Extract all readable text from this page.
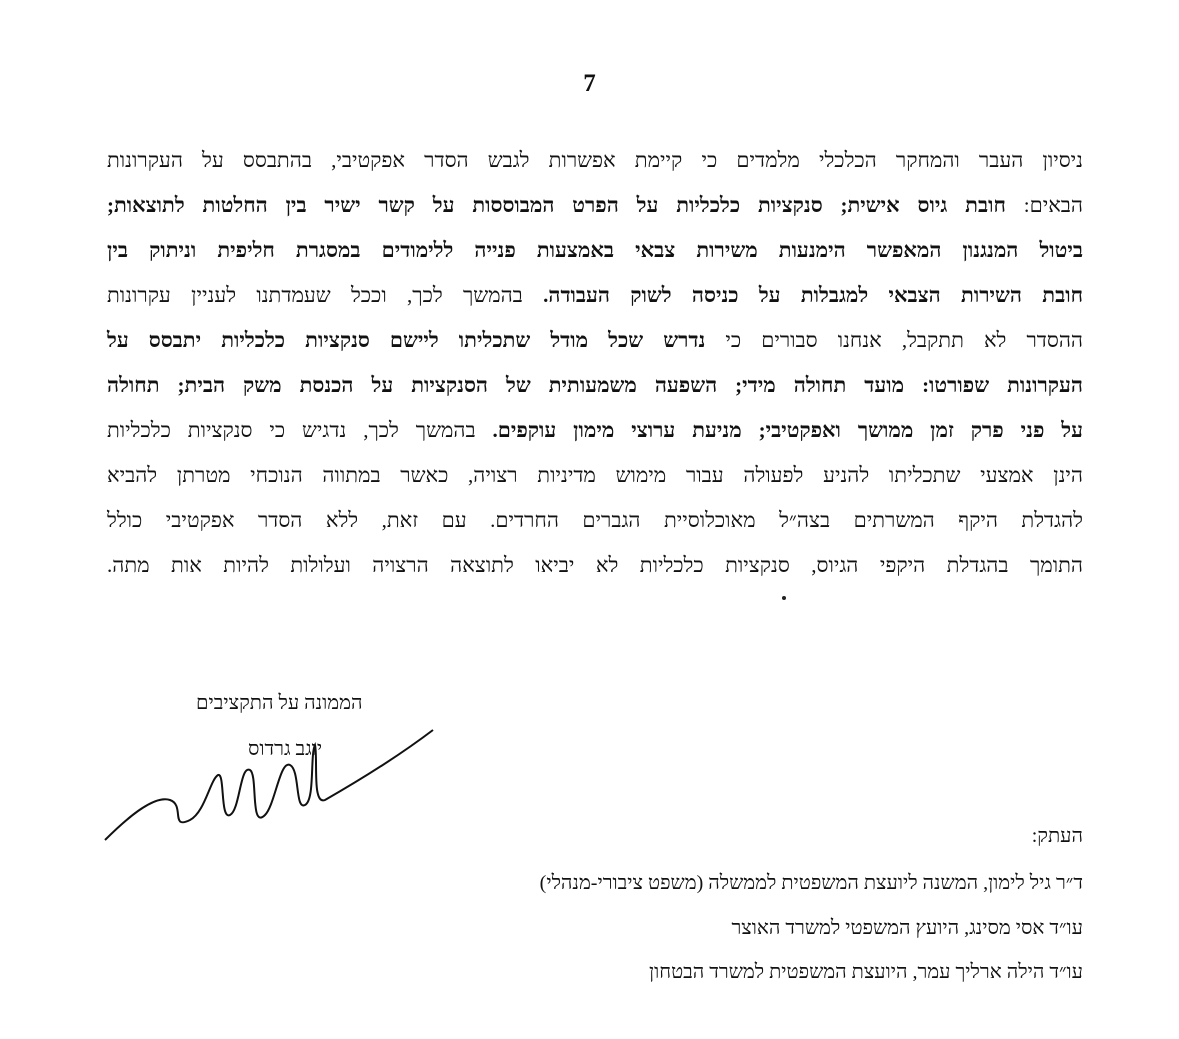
7
ניסיון העבר והמחקר הכלכלי מלמדים כי קיימת אפשרות לגבש הסדר אפקטיבי, בהתבסס על העקרונות
הבאים: חובת גיוס אישית; סנקציות כלכליות על הפרט המבוססות על קשר ישיר בין החלטות לתוצאות;
ביטול המנגנון המאפשר הימנעות משירות צבאי באמצעות פנייה ללימודים במסגרת חליפית וניתוק בין
חובת השירות הצבאי למגבלות על כניסה לשוק העבודה. בהמשך לכך, וככל שעמדתנו לעניין עקרונות
ההסדר לא תתקבל, אנחנו סבורים כי נדרש שכל מודל שתכליתו ליישם סנקציות כלכליות יתבסס על
העקרונות שפורטו: מועד תחולה מידי; השפעה משמעותית של הסנקציות על הכנסת משק הבית; תחולה
על פני פרק זמן ממושך ואפקטיבי; מניעת ערוצי מימון עוקפים. בהמשך לכך, נדגיש כי סנקציות כלכליות
הינן אמצעי שתכליתו להניע לפעולה עבור מימוש מדיניות רצויה, כאשר במתווה הנוכחי מטרתן להביא
להגדלת היקף המשרתים בצה״ל מאוכלוסיית הגברים החרדים. עם זאת, ללא הסדר אפקטיבי כולל
התומך בהגדלת היקפי הגיוס, סנקציות כלכליות לא יביאו לתוצאה הרצויה ועלולות להיות אות מתה.
הממונה על התקציבים
יוגב גרדוס
העתק:
ד״ר גיל לימון, המשנה ליועצת המשפטית לממשלה (משפט ציבורי-מנהלי)
עו״ד אסי מסינג, היועץ המשפטי למשרד האוצר
עו״ד הילה ארליך עמר, היועצת המשפטית למשרד הבטחון
